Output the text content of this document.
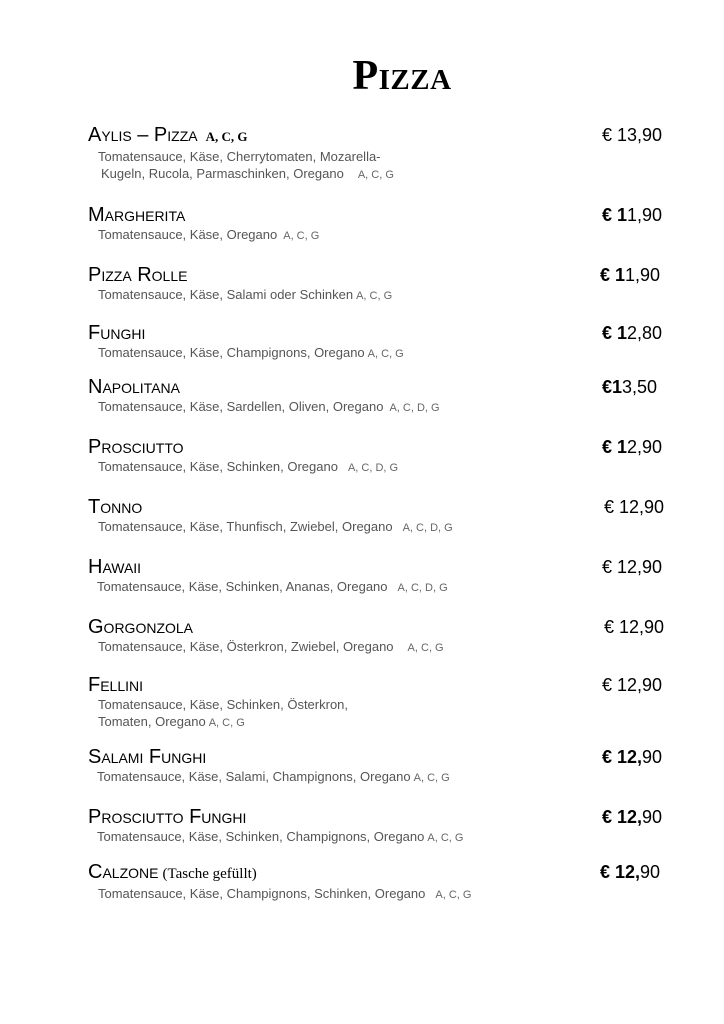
Pizza
Aylis – Pizza A, C, G	€ 13,90
Tomatensauce, Käse, Cherrytomaten, Mozarella-
Kugeln, Rucola, Parmaschinken, Oregano A, C, G
Margherita	€ 11,90
Tomatensauce, Käse, Oregano A, C, G
Pizza Rolle	€ 11,90
Tomatensauce, Käse, Salami oder Schinken A, C, G
Funghi	€ 12,80
Tomatensauce, Käse, Champignons, Oregano A, C, G
Napolitana	€13,50
Tomatensauce, Käse, Sardellen, Oliven, Oregano A, C, D, G
Prosciutto	€ 12,90
Tomatensauce, Käse, Schinken, Oregano A, C, D, G
Tonno	€ 12,90
Tomatensauce, Käse, Thunfisch, Zwiebel, Oregano A, C, D, G
Hawaii	€ 12,90
Tomatensauce, Käse, Schinken, Ananas, Oregano A, C, D, G
Gorgonzola	€ 12,90
Tomatensauce, Käse, Österkron, Zwiebel, Oregano A, C, G
Fellini	€ 12,90
Tomatensauce, Käse, Schinken, Österkron,
Tomaten, Oregano A, C, G
Salami Funghi	€ 12,90
Tomatensauce, Käse, Salami, Champignons, Oregano A, C, G
Prosciutto Funghi	€ 12,90
Tomatensauce, Käse, Schinken, Champignons, Oregano A, C, G
Calzone (Tasche gefüllt)	€ 12,90
Tomatensauce, Käse, Champignons, Schinken, Oregano A, C, G
